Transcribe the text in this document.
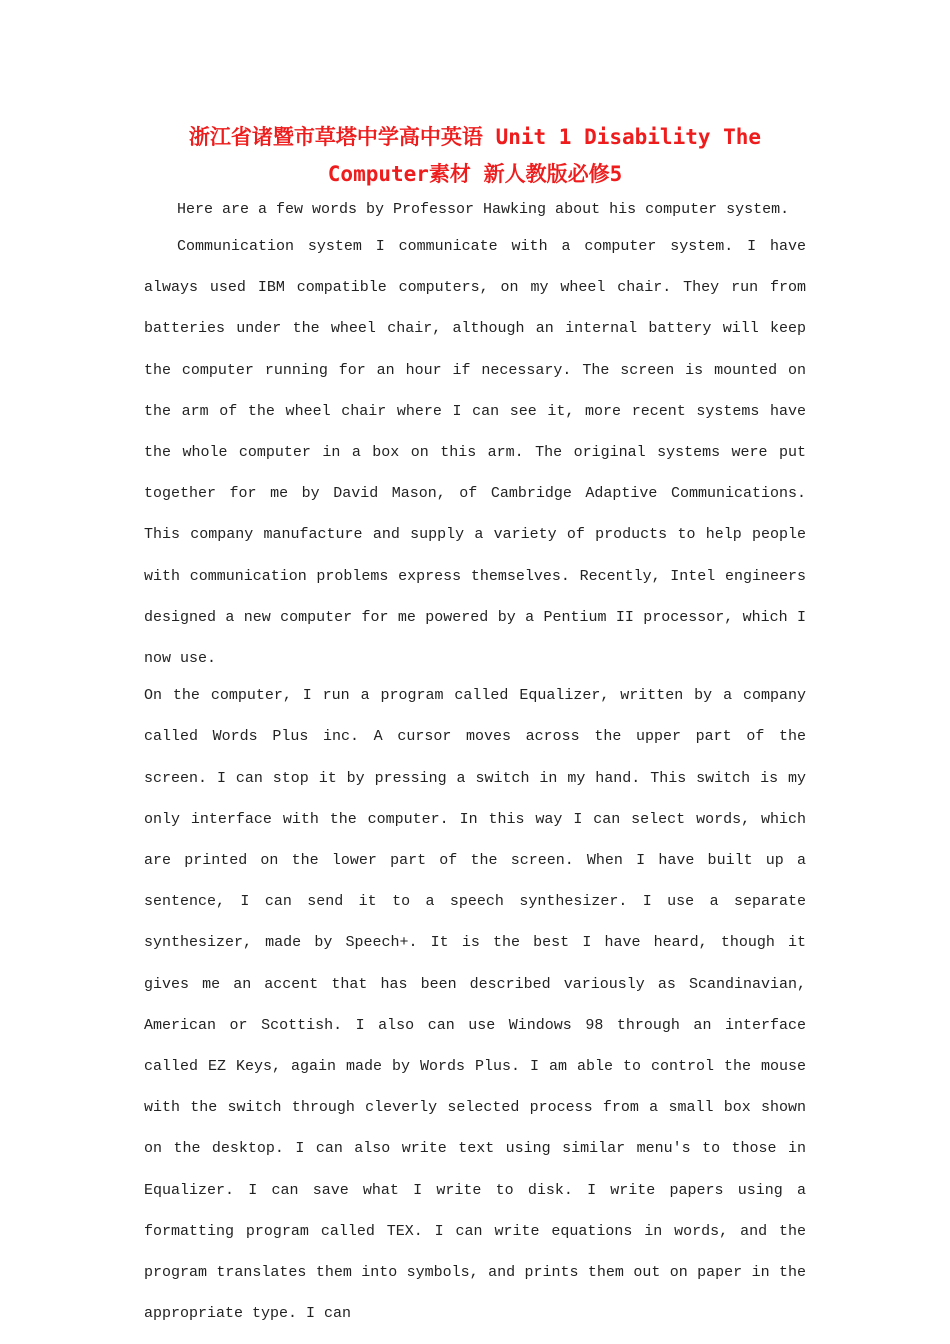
浙江省诸暨市草塔中学高中英语 Unit 1 Disability The
Computer素材 新人教版必修5

Here are a few words by Professor Hawking about his computer system.

Communication system I communicate with a computer system. I have always used IBM compatible computers, on my wheel chair. They run from batteries under the wheel chair, although an internal battery will keep the computer running for an hour if necessary. The screen is mounted on the arm of the wheel chair where I can see it, more recent systems have the whole computer in a box on this arm. The original systems were put together for me by David Mason, of Cambridge Adaptive Communications. This company manufacture and supply a variety of products to help people with communication problems express themselves. Recently, Intel engineers designed a new computer for me powered by a Pentium II processor, which I now use.

On the computer, I run a program called Equalizer, written by a company called Words Plus inc. A cursor moves across the upper part of the screen. I can stop it by pressing a switch in my hand. This switch is my only interface with the computer. In this way I can select words, which are printed on the lower part of the screen. When I have built up a sentence, I can send it to a speech synthesizer. I use a separate synthesizer, made by Speech+. It is the best I have heard, though it gives me an accent that has been described variously as Scandinavian, American or Scottish. I also can use Windows 98 through an interface called EZ Keys, again made by Words Plus. I am able to control the mouse with the switch through cleverly selected process from a small box shown on the desktop. I can also write text using similar menu's to those in Equalizer. I can save what I write to disk. I write papers using a formatting program called TEX. I can write equations in words, and the program translates them into symbols, and prints them out on paper in the appropriate type. I can
